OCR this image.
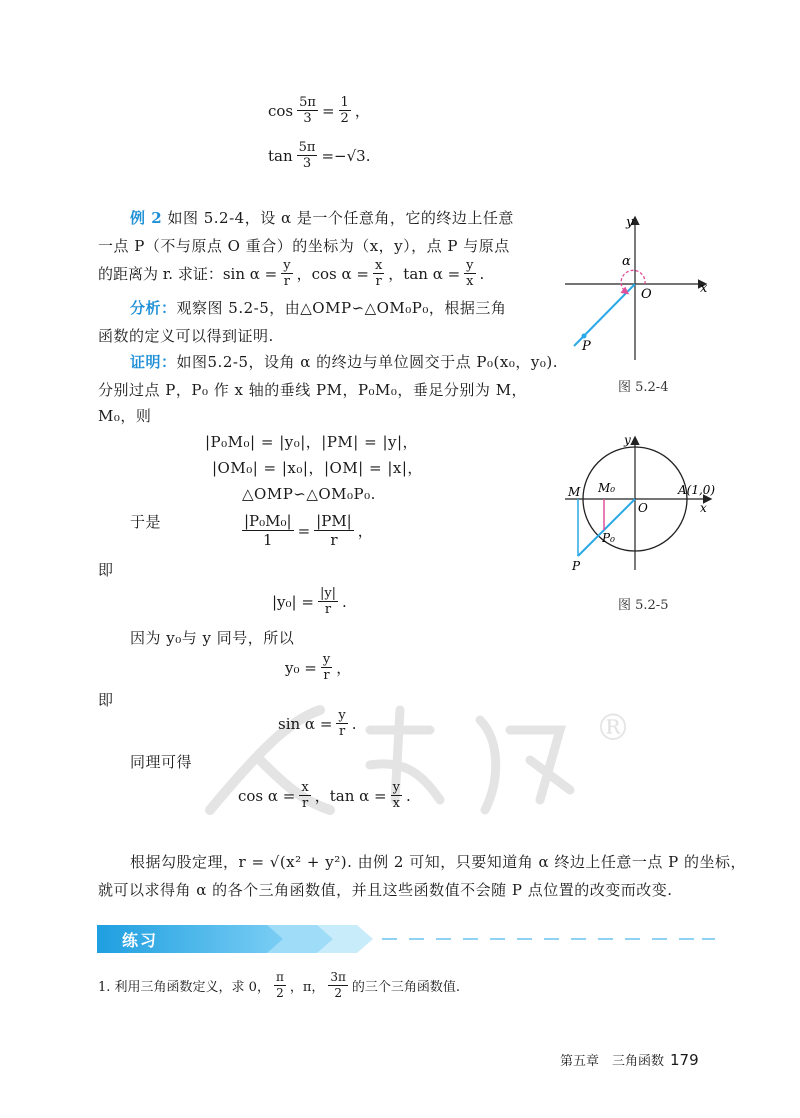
$\cos \frac{5\pi}{3} = \frac{1}{2}$ ，
$\tan \frac{5\pi}{3} =-√3$.
例 2 如图 5.2-4，设 α 是一个任意角，它的终边上任意
一点 P（不与原点 O 重合）的坐标为（x，y），点 P 与原点
的距离为 r. 求证：$\sin \alpha = \frac{y}{r}$ ，$\cos \alpha = \frac{x}{r}$ ，$\tan \alpha = \frac{y}{x}$ .
分析：观察图 5.2-5，由△OMP∽△OM₀P₀，根据三角
函数的定义可以得到证明.
证明：如图5.2-5，设角 α 的终边与单位圆交于点 P₀(x₀，y₀).
分别过点 P，P₀ 作 x 轴的垂线 PM，P₀M₀，垂足分别为 M，
M₀，则
|P₀M₀| = |y₀|，|PM| = |y|，
|OM₀| = |x₀|，|OM| = |x|，
△OMP∽△OM₀P₀.
于是	$\frac{\text{|P₀M₀|}}{1} = \frac{|PM|}{r}$ ，
即
$|y_0| = \frac{|y|}{r}$ .
因为 y₀与 y 同号，所以
$y_0 = \frac{y}{r}$ ，
即
$\sin \alpha = \frac{y}{r}$ .
同理可得
$\cos \alpha = \frac{x}{r}$ ，$\tan \alpha = \frac{y}{x}$ .
®
根据勾股定理，r = √(x² + y²). 由例 2 可知，只要知道角 α 终边上任意一点 P 的坐标，
就可以求得角 α 的各个三角函数值，并且这些函数值不会随 P 点位置的改变而改变.
练习
1. 利用三角函数定义，求 0， $\frac{\pi}{2}$ ，π， $\frac{3\pi}{2}$ 的三个三角函数值.
α
O	x
y
P
图 5.2-4
M M₀
O
A(1,0)
x
y
P₀
P
图 5.2-5
第五章　三角函数 179
